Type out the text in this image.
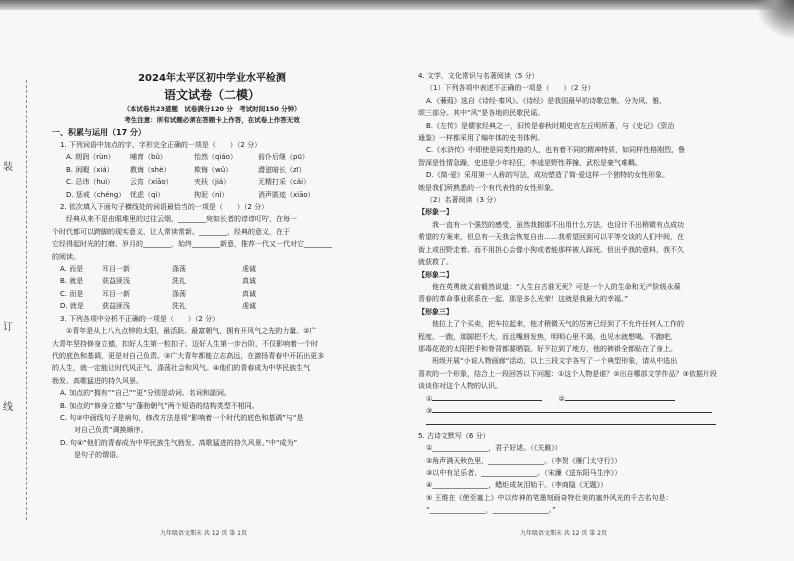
装
订
线
2024年太平区初中学业水平检测
语文试卷（二模）
（本试卷共23道题　试卷满分120 分　考试时间150 分钟）
考生注意：所有试题必须在答题卡上作答，在试卷上作答无效
一、积累与运用（17 分）
1. 下列词语中加点的字，字形完全正确的一项是（　　）（2 分）
A. 朗润（rùn）	哺育（bǔ）	怡然（qiáo）	前仆后继（pū）
B. 闲暇（xiá）	教诲（shè）	欺侮（wǔ）	潜滋暗长（zī）
C. 忌讳（huì）	云宵（xiāo）	夹袄（jiá）	无精打采（cǎi）
D. 惩戒（chéng） 忧虑（qì）	拘泥（nì）	消声匿迹（xiāo）
2. 依次填入下面句子横线处的词语最恰当的一项是（　　）（2 分）
　　经典从来不是由眼堆里的过往云烟，________宛如长者的谆谆叮咛，在每一
个时代都可以跨脚的现实意义，让人常读常新。________，经典的意义，在于
它经得起时光的打磨、岁月的________，始终________新意，推荐一代又一代对它________
的阅读。
A. 而是	耳目一新	涤荡	虔诚
B. 就是	获益匪浅	洗礼	真诚
C. 而是	耳目一新	涤荡	真诚
D. 就是	获益匪浅	洗礼	虔诚
3. 下列各项中分析不正确的一项是（　　）（2 分）
　　①青年是从上八九点钟的太阳，最活跃、最富朝气，拥有开风气之先的力量。②广
大青年坚持修身立德，扣好人生第一粒扣子、迈好人生第一步台阶，不仅影响着一个时
代的底色和基调，更是对自己负责。③广大青年都能立志高远，在激扬青春中开拓出更多
的人生，就一定能让时代风正气、涤荡社会和风气。④他们的青春成为中华民族生气
勃发、高歌猛进的持久风景。
A. 加点的“拥有”“自己”“更”分别是动词、名词和副词。
B. 加点的“修身立德”与“蓬勃朝气”两个短语的结构类型不相同。
C. 句②中画线句子是病句，修改方法是将“影响着一个时代的底色和基调”与“是
　　对自己负责”调换顺序。
D. 句④“他们的青春成为中华民族生气勃发、高歌猛进的持久风景。”中“成为”
　　是句子的谓语。
九年级语文期末 共 12 页 第 1页
4. 文学、文化常识与名著阅读（5 分）
（1）下列各项中表述不正确的一项是（　　）（2 分）
A.《蒹葭》选自《诗经·秦风》。《诗经》是我国最早的诗歌总集，分为风、雅、
颂三部分。其中“风”是各地的民歌民谣。
B.《左传》是儒家经典之一，旧传是春秋时期史官左丘明所著，与《史记》《资治
通鉴》一样都采用了编年体的史书体例。
C.《水浒传》中即使是同类性格的人，也有着不同的精神特质，如同样性格刚烈，鲁
智深是性情急躁，史进是少年轻狂，李逵是野性莽撞，武松是豪气难羁。
D.《简·爱》采用第一人称的写法，成功塑造了简·爱这样一个独特的女性形象。
她是我们所熟悉的一个有代表性的女性形象。
（2）名著阅读（3 分）
【形象一】
　　我一直有一个强烈的感受，虽然我拥那不出用什么方法，也设计不出稍微有点成功
希望的方案来，但总有一天我会恢复自由……我希望回到可以平等交谈的人们中间，在
街上或田野走着。而不用担心会像小狗或者能那样被人踩死。但出乎我的意料，我不久
就获救了。
【形象二】
　　他在英勇就义前毅然说道：“人生自古谁无死？可是一个人的生命和无产阶级永葆
青春的革命事业联系在一起，那是多么光荣！这就是我最大的幸福。”
【形象三】
　　他拉上了个买卖，把车拉起来，他才稍微天气的厉害已经到了不允许任何人工作的
程度。一跑，那脚把不大，而且嘴唇发焦，明明心里不渴，也见水就想喝。不跑吧，
那毒花花的太阳把手和脊背都要晒裂。好歹拉到了地方，他的裤褂全都贴在了身上。
　　班级开展“小说人物画廊”活动，以上三段文字各写了一个典型形象，请从中选出
喜欢的一个形象，结合上一段回答以下问题：①这个人物是谁？②出自哪部文学作品？③依据片段
谈谈你对这个人物的认识。
①	②
③
5. 古诗文默写（6 分）
①________________，君子好逑。（《关雎》）
②角声满天秋色里，________________。（李贺《雁门太守行》）
③以中有足乐者，________________。（宋濂《送东阳马生序》）
④________________，蜡炬成灰泪始干。（李商隐《无题》）
⑤ 王维在《使至塞上》中以传神的笔墨刻画奇特壮美的塞外风光的千古名句是：
“________________，________________。”
九年级语文期末 共 12 页 第 2页
